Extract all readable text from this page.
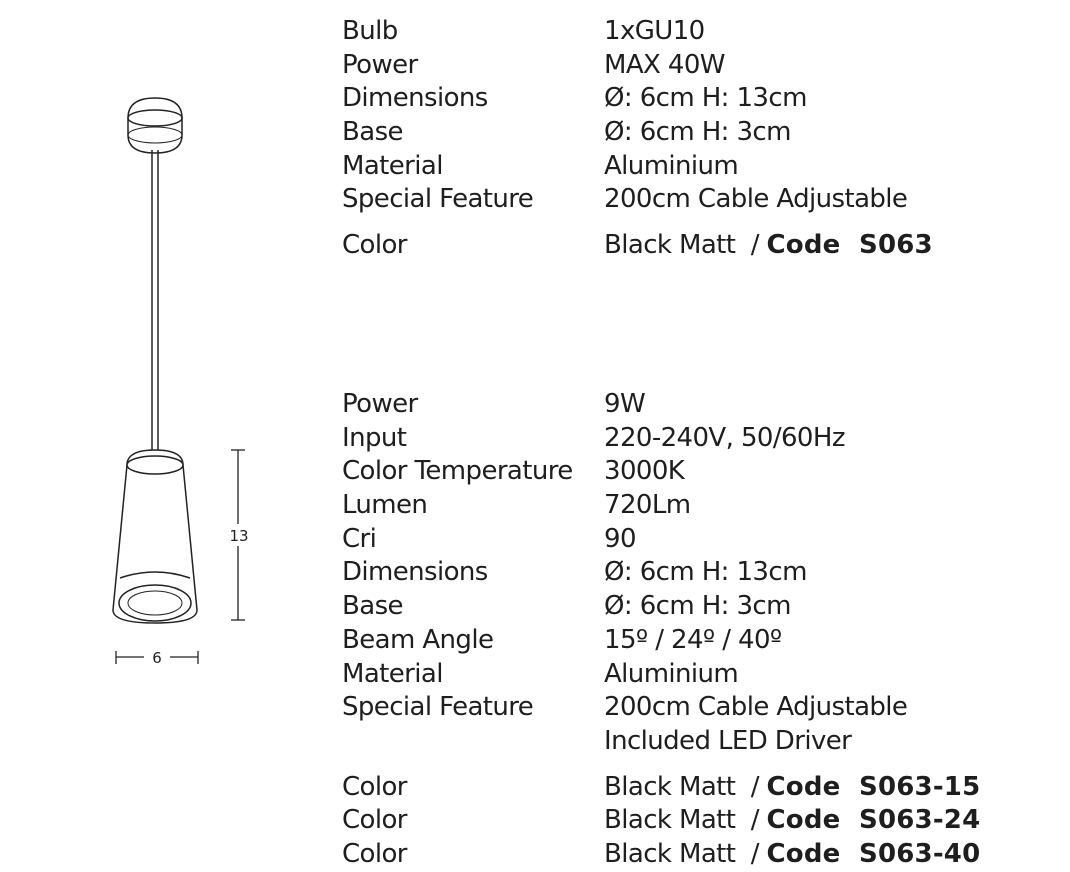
13
6
Bulb	1xGU10
Power	MAX 40W
Dimensions	Ø: 6cm H: 13cm
Base	Ø: 6cm H: 3cm
Material	Aluminium
Special Feature	200cm Cable Adjustable
Color	Black Matt  / Code  S063
Power	9W
Input	220-240V, 50/60Hz
Color Temperature 3000K
Lumen	720Lm
Cri	90
Dimensions	Ø: 6cm H: 13cm
Base	Ø: 6cm H: 3cm
Beam Angle	15º / 24º / 40º
Material	Aluminium
Special Feature	200cm Cable Adjustable
Included LED Driver
Color	Black Matt  / Code  S063-15
Color	Black Matt  / Code  S063-24
Color	Black Matt  / Code  S063-40
